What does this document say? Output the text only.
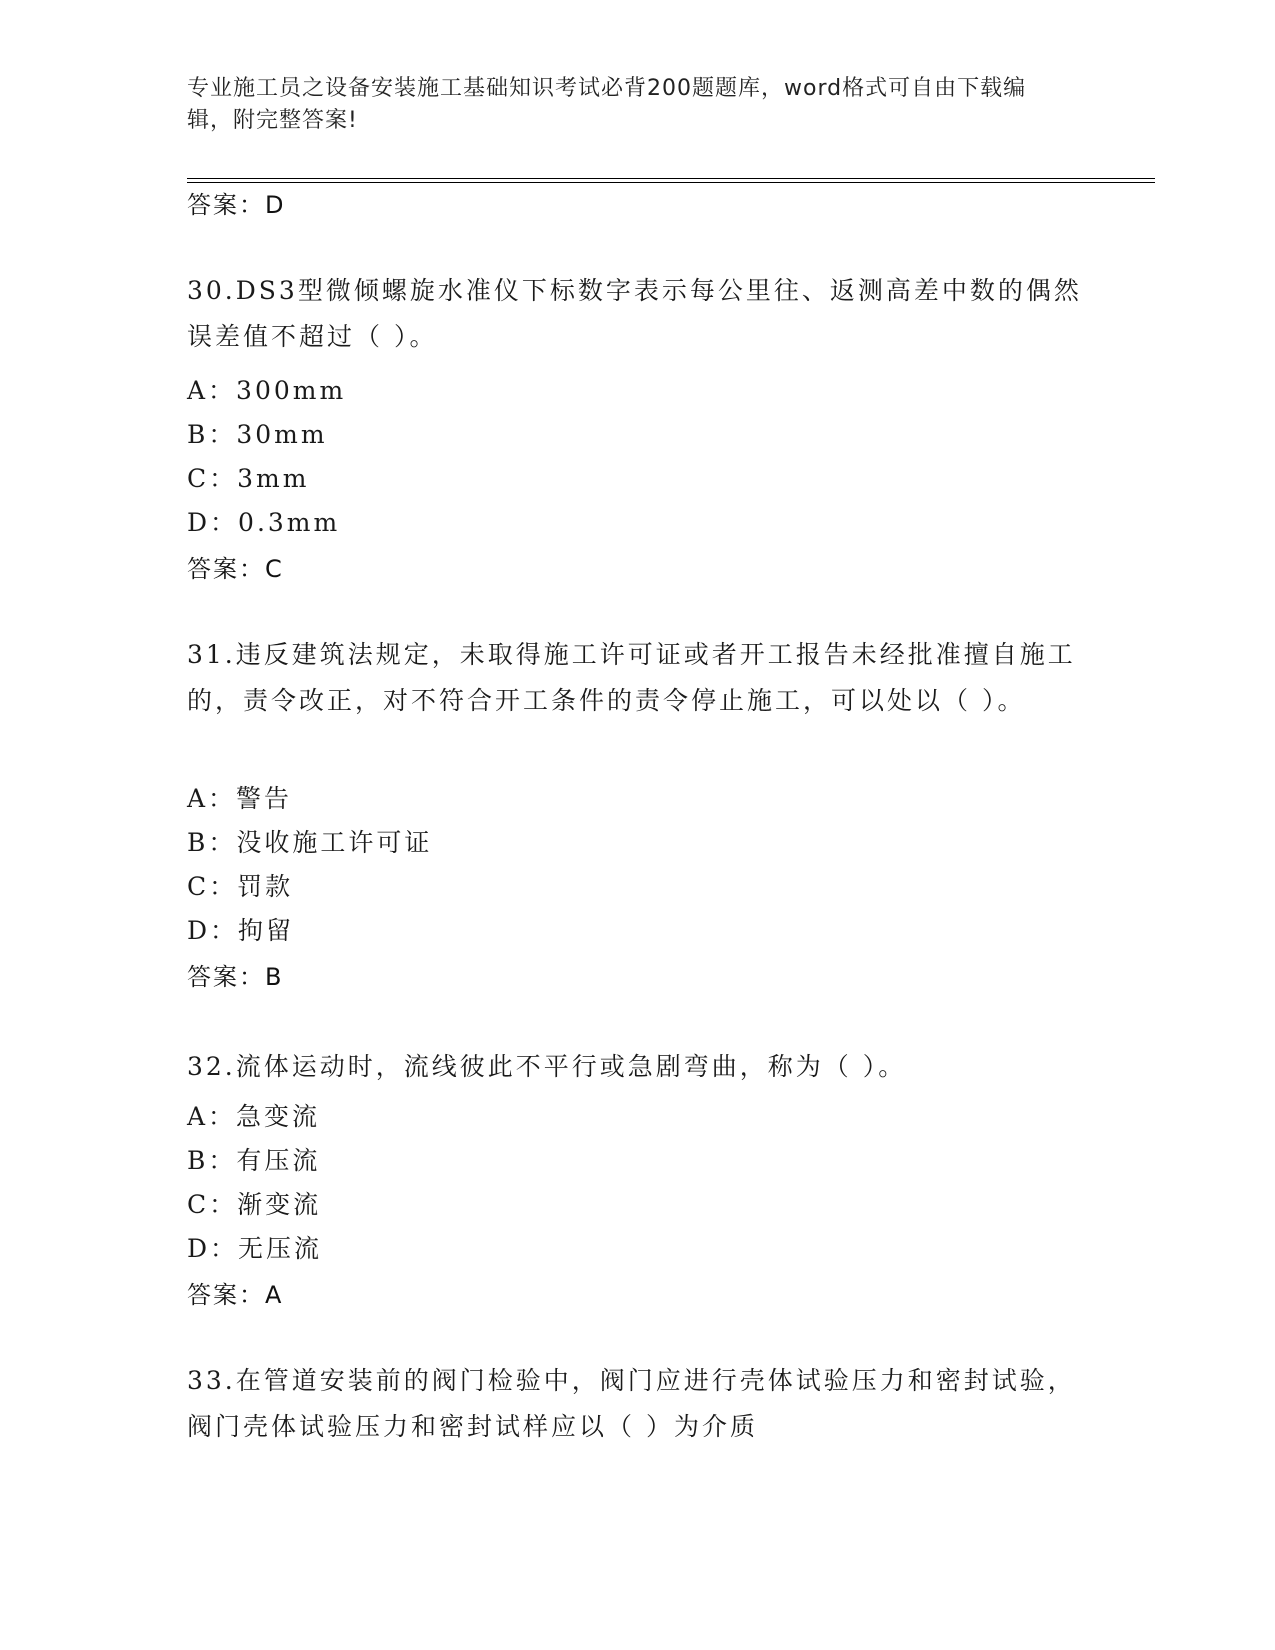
专业施工员之设备安装施工基础知识考试必背200题题库，word格式可自由下载编辑，附完整答案!
答案：D
30.DS3型微倾螺旋水准仪下标数字表示每公里往、返测高差中数的偶然误差值不超过（ ）。
A：300mm
B：30mm
C：3mm
D：0.3mm
答案：C
31.违反建筑法规定，未取得施工许可证或者开工报告未经批准擅自施工的，责令改正，对不符合开工条件的责令停止施工，可以处以（ ）。
A：警告
B：没收施工许可证
C：罚款
D：拘留
答案：B
32.流体运动时，流线彼此不平行或急剧弯曲，称为（ ）。
A：急变流
B：有压流
C：渐变流
D：无压流
答案：A
33.在管道安装前的阀门检验中，阀门应进行壳体试验压力和密封试验，阀门壳体试验压力和密封试样应以（ ）为介质
